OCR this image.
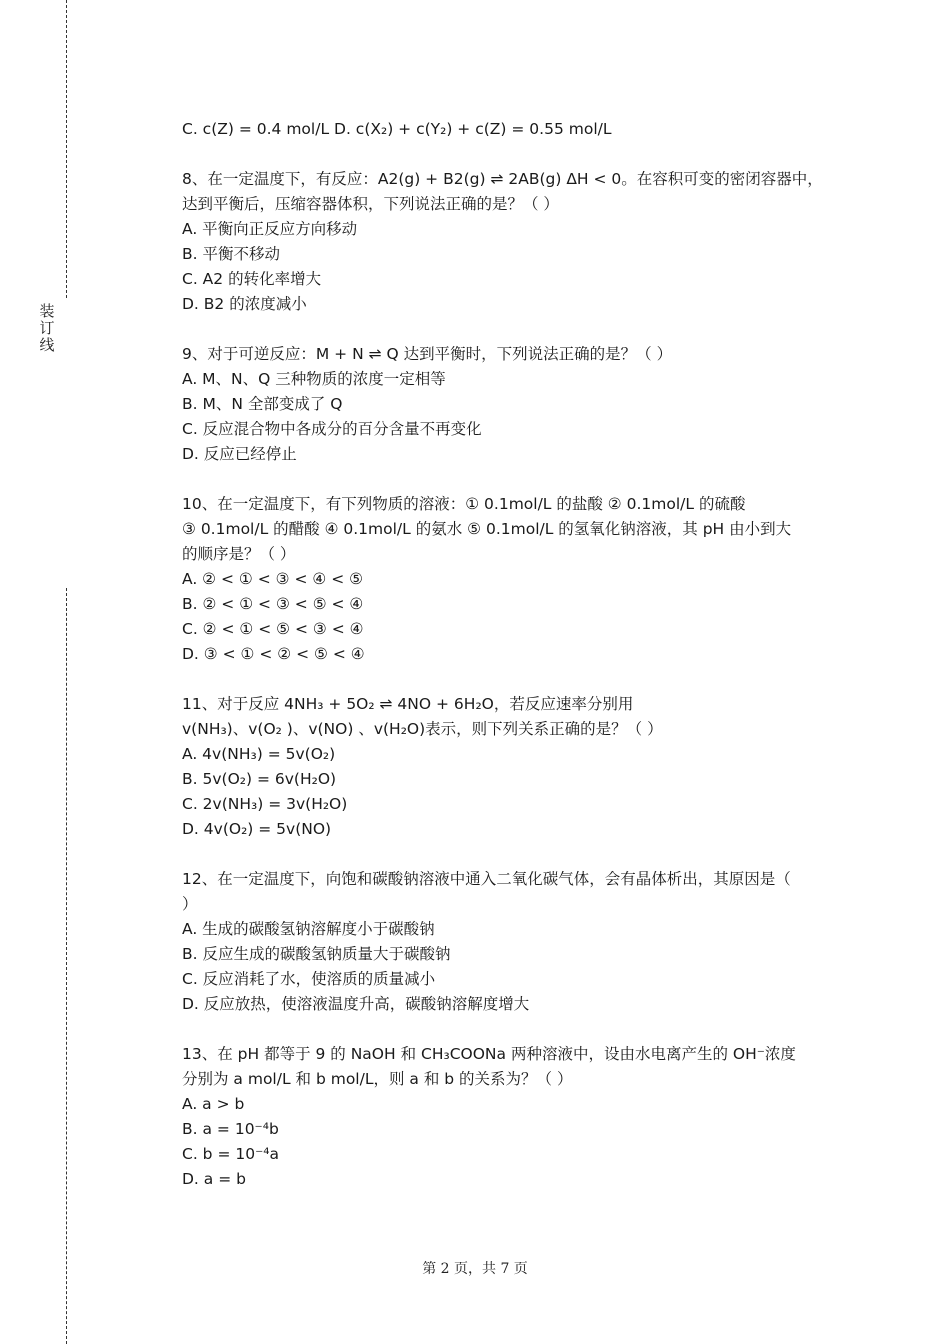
装
订
线
C. c(Z) = 0.4 mol/L D. c(X₂) + c(Y₂) + c(Z) = 0.55 mol/L
8、在一定温度下，有反应：A2(g) + B2(g) ⇌ 2AB(g) ΔH < 0。在容积可变的密闭容器中，
达到平衡后，压缩容器体积，下列说法正确的是？（ ）
A. 平衡向正反应方向移动
B. 平衡不移动
C. A2 的转化率增大
D. B2 的浓度减小
9、对于可逆反应：M + N ⇌ Q 达到平衡时，下列说法正确的是？（ ）
A. M、N、Q 三种物质的浓度一定相等
B. M、N 全部变成了 Q
C. 反应混合物中各成分的百分含量不再变化
D. 反应已经停止
10、在一定温度下，有下列物质的溶液：① 0.1mol/L 的盐酸 ② 0.1mol/L 的硫酸
③ 0.1mol/L 的醋酸 ④ 0.1mol/L 的氨水 ⑤ 0.1mol/L 的氢氧化钠溶液，其 pH 由小到大
的顺序是？（ ）
A. ② < ① < ③ < ④ < ⑤
B. ② < ① < ③ < ⑤ < ④
C. ② < ① < ⑤ < ③ < ④
D. ③ < ① < ② < ⑤ < ④
11、对于反应 4NH₃ + 5O₂ ⇌ 4NO + 6H₂O，若反应速率分别用
v(NH₃)、v(O₂ )、v(NO) 、v(H₂O)表示，则下列关系正确的是？（ ）
A. 4v(NH₃) = 5v(O₂)
B. 5v(O₂) = 6v(H₂O)
C. 2v(NH₃) = 3v(H₂O)
D. 4v(O₂) = 5v(NO)
12、在一定温度下，向饱和碳酸钠溶液中通入二氧化碳气体，会有晶体析出，其原因是（
）
A. 生成的碳酸氢钠溶解度小于碳酸钠
B. 反应生成的碳酸氢钠质量大于碳酸钠
C. 反应消耗了水，使溶质的质量减小
D. 反应放热，使溶液温度升高，碳酸钠溶解度增大
13、在 pH 都等于 9 的 NaOH 和 CH₃COONa 两种溶液中，设由水电离产生的 OH⁻浓度
分别为 a mol/L 和 b mol/L，则 a 和 b 的关系为？（ ）
A. a > b
B. a = 10⁻⁴b
C. b = 10⁻⁴a
D. a = b
第 2 页，共 7 页
